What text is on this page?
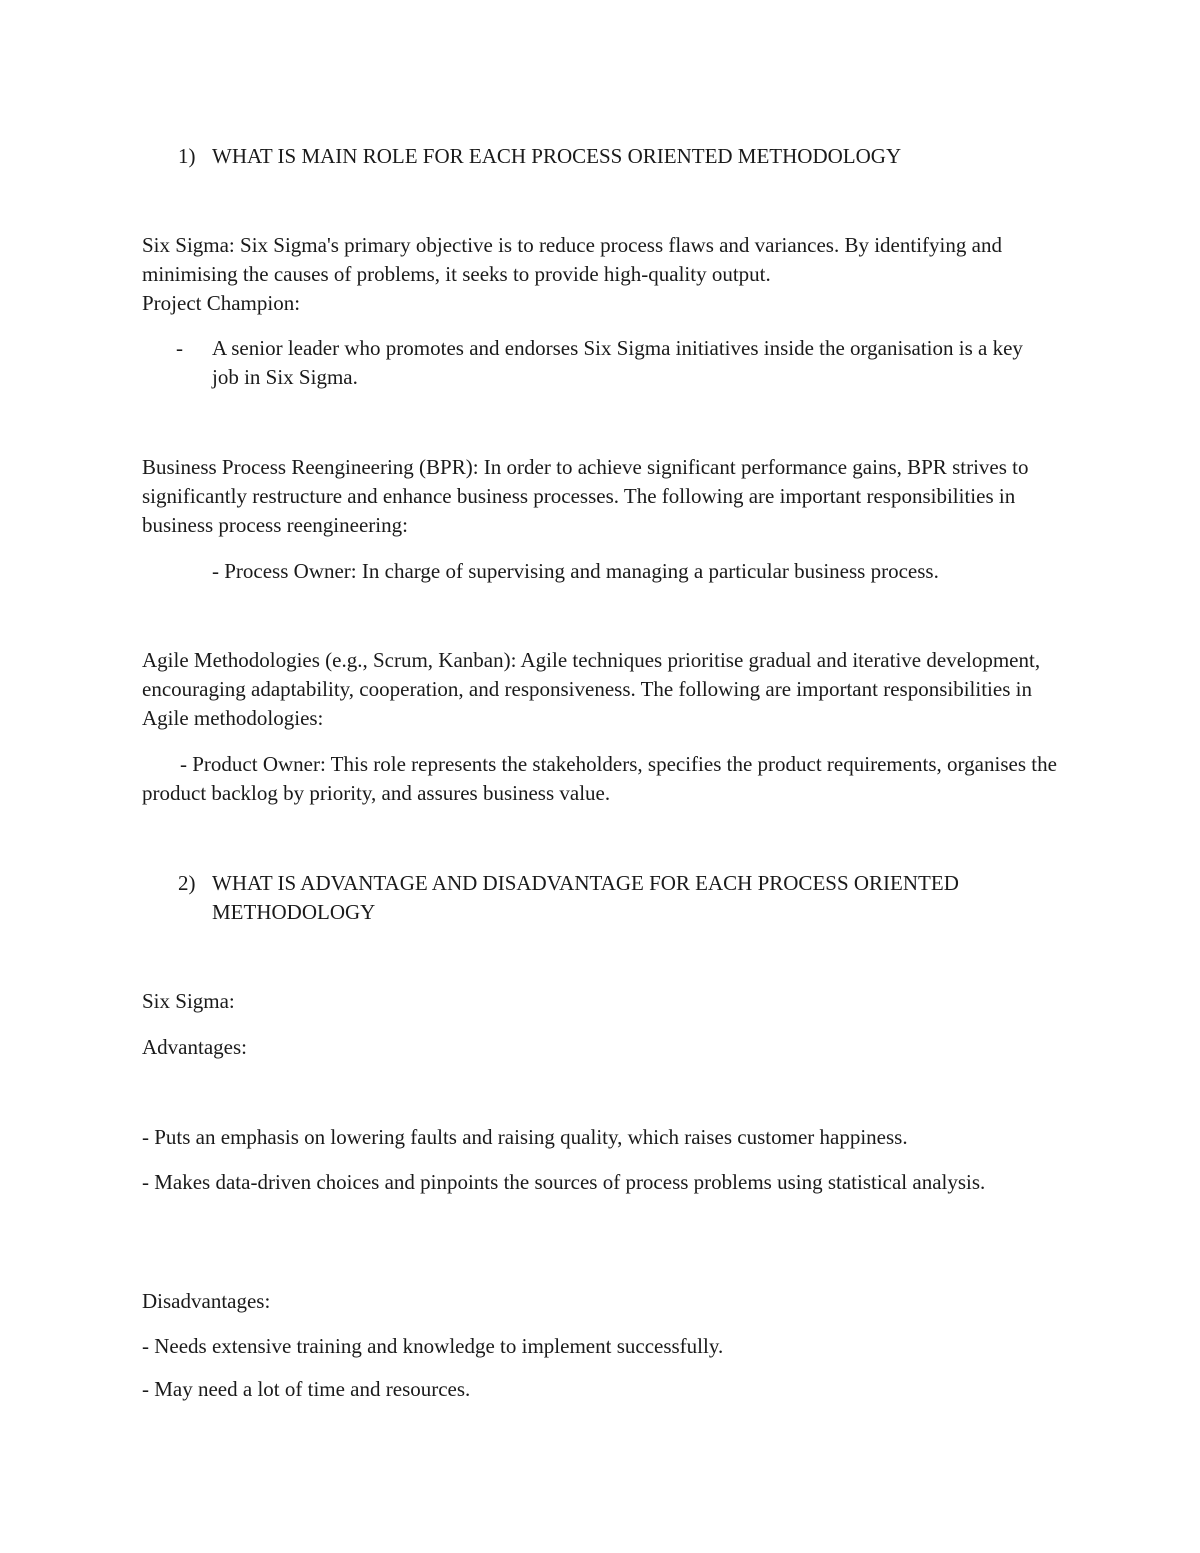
1) WHAT IS MAIN ROLE FOR EACH PROCESS ORIENTED METHODOLOGY

Six Sigma: Six Sigma's primary objective is to reduce process flaws and variances. By identifying and minimising the causes of problems, it seeks to provide high-quality output.

Project Champion:

- A senior leader who promotes and endorses Six Sigma initiatives inside the organisation is a key job in Six Sigma.

Business Process Reengineering (BPR): In order to achieve significant performance gains, BPR strives to significantly restructure and enhance business processes. The following are important responsibilities in business process reengineering:

- Process Owner: In charge of supervising and managing a particular business process.

Agile Methodologies (e.g., Scrum, Kanban): Agile techniques prioritise gradual and iterative development, encouraging adaptability, cooperation, and responsiveness. The following are important responsibilities in Agile methodologies:

- Product Owner: This role represents the stakeholders, specifies the product requirements, organises the product backlog by priority, and assures business value.

2) WHAT IS ADVANTAGE AND DISADVANTAGE FOR EACH PROCESS ORIENTED METHODOLOGY

Six Sigma:

Advantages:

- Puts an emphasis on lowering faults and raising quality, which raises customer happiness.

- Makes data-driven choices and pinpoints the sources of process problems using statistical analysis.

Disadvantages:

- Needs extensive training and knowledge to implement successfully.

- May need a lot of time and resources.
